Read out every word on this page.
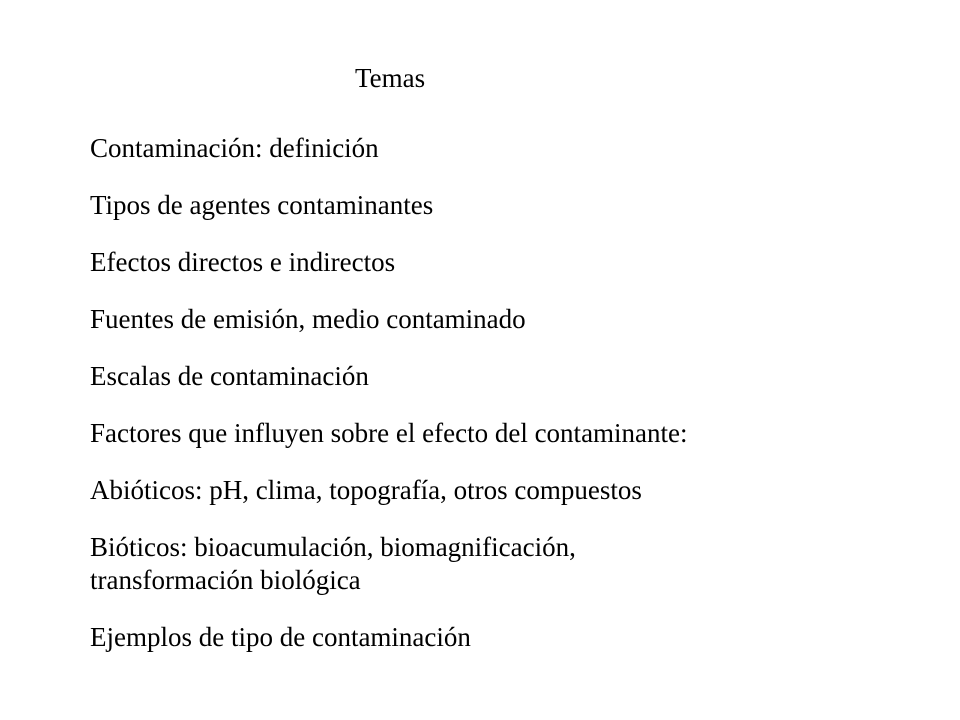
Temas
Contaminación: definición
Tipos de agentes contaminantes
Efectos directos e indirectos
Fuentes de emisión, medio contaminado
Escalas de contaminación
Factores que influyen sobre el efecto del contaminante:
Abióticos: pH, clima, topografía, otros compuestos
Bióticos: bioacumulación, biomagnificación,
transformación biológica
Ejemplos de tipo de contaminación
